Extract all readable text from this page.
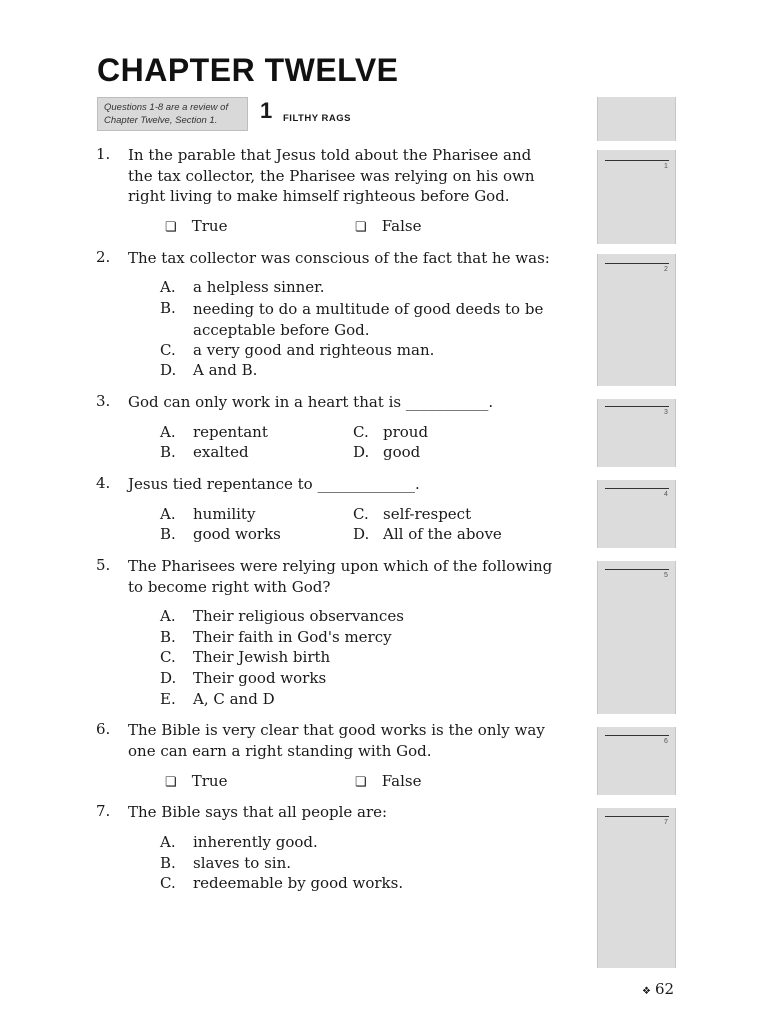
CHAPTER TWELVE
Questions 1-8 are a review of Chapter Twelve, Section 1.	1 FILTHY RAGS
1
2
3
4
5
6
7
1. In the parable that Jesus told about the Pharisee and the tax collector, the Pharisee was relying on his own right living to make himself righteous before God.
❏ True	❏ False
2. The tax collector was conscious of the fact that he was:
A. a helpless sinner.
B. needing to do a multitude of good deeds to be acceptable before God.
C. a very good and righteous man.
D. A and B.
3. God can only work in a heart that is ___________.
A. repentant
B. exalted
C. proud
D. good
4. Jesus tied repentance to _____________.
A. humility
B. good works
C. self-respect
D. All of the above
5. The Pharisees were relying upon which of the following to become right with God?
A. Their religious observances
B. Their faith in God's mercy
C. Their Jewish birth
D. Their good works
E. A, C and D
6. The Bible is very clear that good works is the only way one can earn a right standing with God.
❏ True	❏ False
7. The Bible says that all people are:
A. inherently good.
B. slaves to sin.
C. redeemable by good works.
❖ 62
